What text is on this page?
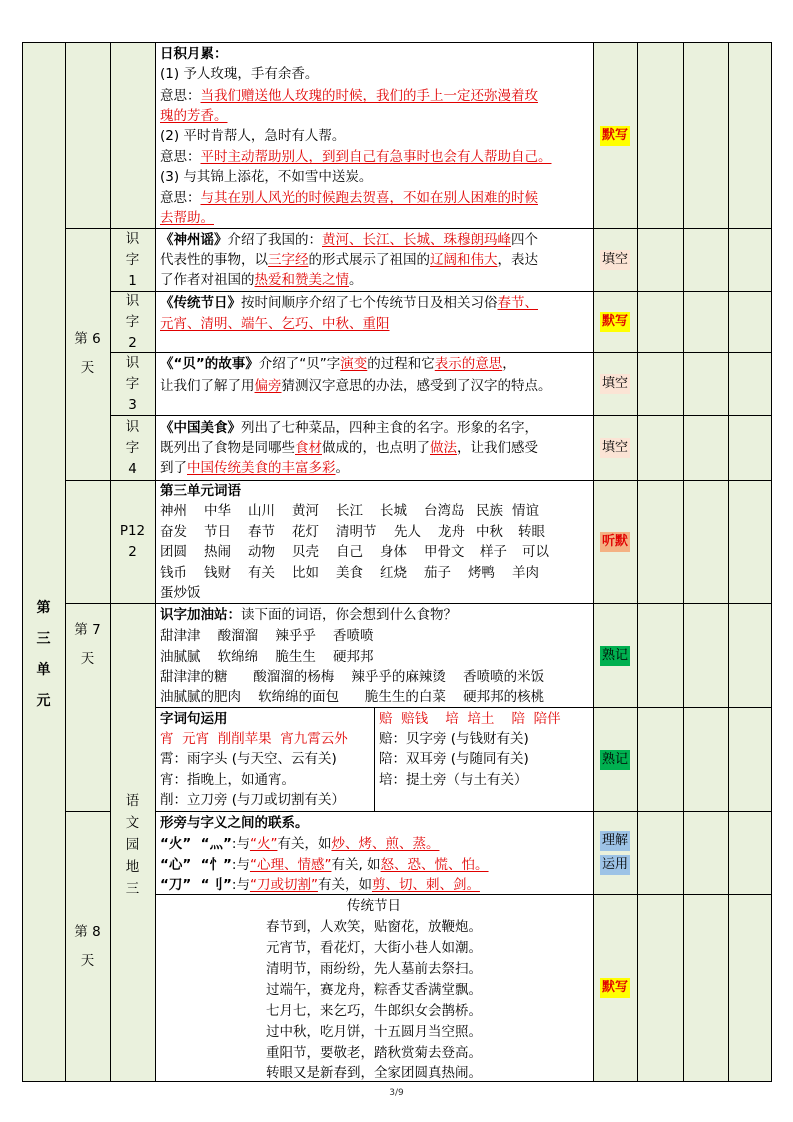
第
三
单
元
第 6
天
第 7
天
第 8
天
识
字
1
识
字
2
识
字
3
识
字
4
P12
2
语
文
园
地
三
日积月累：
(1) 予人玫瑰，手有余香。
意思：当我们赠送他人玫瑰的时候，我们的手上一定还弥漫着玫
瑰的芳香。
(2) 平时肯帮人，急时有人帮。
意思：平时主动帮助别人，到到自己有急事时也会有人帮助自己。
(3) 与其锦上添花，不如雪中送炭。
意思：与其在别人风光的时候跑去贺喜，不如在别人困难的时候
去帮助。
《神州谣》介绍了我国的：黄河、长江、长城、珠穆朗玛峰四个
代表性的事物，以三字经的形式展示了祖国的辽阔和伟大，表达
了作者对祖国的热爱和赞美之情。
《传统节日》按时间顺序介绍了七个传统节日及相关习俗春节、
元宵、清明、端午、乞巧、中秋、重阳
《“贝”的故事》介绍了“贝”字演变的过程和它表示的意思，
让我们了解了用偏旁猜测汉字意思的办法，感受到了汉字的特点。
《中国美食》列出了七种菜品，四种主食的名字。形象的名字，
既列出了食物是同哪些食材做成的，也点明了做法，让我们感受
到了中国传统美食的丰富多彩。
第三单元词语
神州 中华 山川 黄河 长江 长城 台湾岛 民族 情谊
奋发 节日 春节 花灯 清明节 先人 龙舟 中秋 转眼
团圆 热闹 动物 贝壳 自己 身体 甲骨文 样子 可以
钱币 钱财 有关 比如 美食 红烧 茄子 烤鸭 羊肉
蛋炒饭
识字加油站：读下面的词语，你会想到什么食物？
甜津津    酸溜溜    辣乎乎    香喷喷
油腻腻    软绵绵    脆生生    硬邦邦
甜津津的糖      酸溜溜的杨梅    辣乎乎的麻辣烫    香喷喷的米饭
油腻腻的肥肉    软绵绵的面包      脆生生的白菜    硬邦邦的核桃
字词句运用
宵  元宵  削削苹果  宵九霄云外
霄：雨字头 (与天空、云有关)
宵：指晚上，如通宵。
削：立刀旁 (与刀或切割有关）
赔  赔钱    培  培土    陪  陪伴
赔：贝字旁 (与钱财有关)
陪：双耳旁 (与随同有关)
培：提土旁（与土有关）
形旁与字义之间的联系。
“火”  “灬”:与“火”有关，如炒、烤、煎、蒸。
“心”  “忄”:与“心理、情感”有关, 如怒、恐、慌、怕。
“刀”  “刂”:与“刀或切割”有关，如剪、切、刺、剑。
传统节日
春节到，人欢笑，贴窗花，放鞭炮。
元宵节，看花灯，大街小巷人如潮。
清明节，雨纷纷，先人墓前去祭扫。
过端午，赛龙舟，粽香艾香满堂飘。
七月七，来乞巧，牛郎织女会鹊桥。
过中秋，吃月饼，十五圆月当空照。
重阳节，要敬老，踏秋赏菊去登高。
转眼又是新春到，全家团圆真热闹。
默写
填空
默写
填空
填空
听默
熟记
熟记
理解
运用
默写
3/9
